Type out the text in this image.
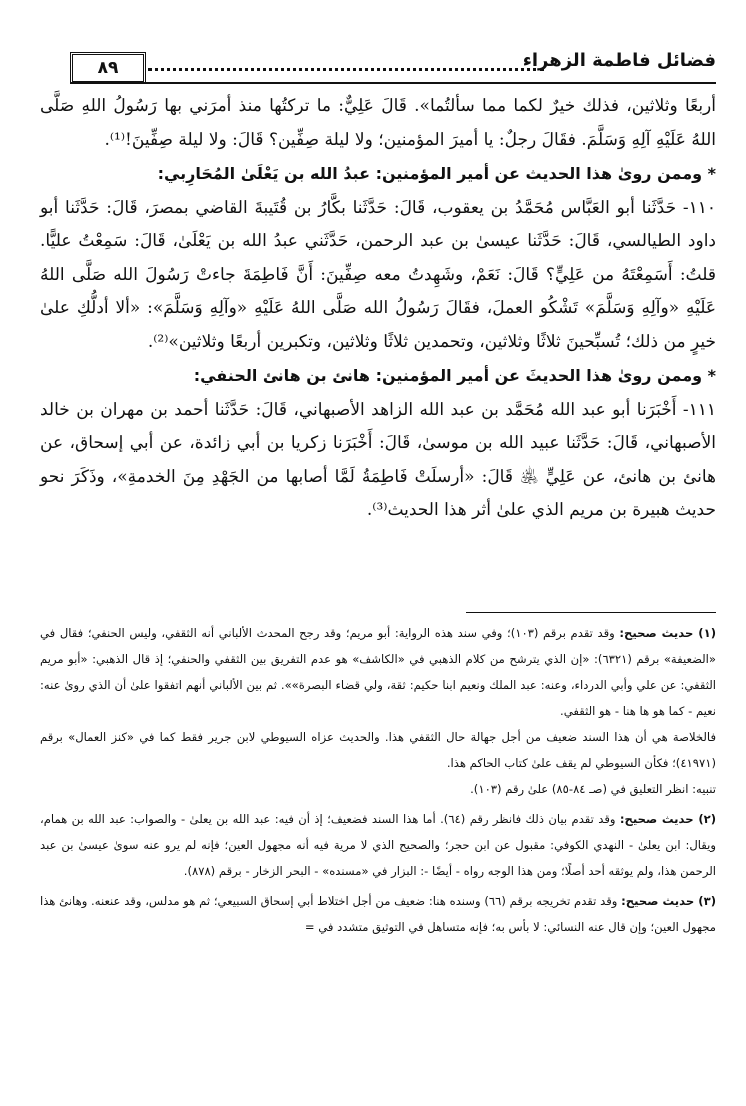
٨٩	فضائل فاطمة الزهراء

أربعًا وثلاثين، فذلك خيرٌ لكما مما سألتُما». قَالَ عَلِيٌّ: ما تركتُها منذ أمرَني بها رَسُولُ اللهِ صَلَّى اللهُ عَلَيْهِ آلِهِ وَسَلَّمَ. فقَالَ رجلٌ: يا أميرَ المؤمنين؛ ولا ليلة صِفِّين؟ قَالَ: ولا ليلة صِفِّينَ!⁽¹⁾.

* وممن روىٰ هذا الحديث عن أمير المؤمنين: عبدُ الله بن يَعْلَىٰ المُحَارِبي:

١١٠- حَدَّثَنا أبو العَبَّاس مُحَمَّدُ بن يعقوب، قَالَ: حَدَّثَنا بكَّارُ بن قُتَيبةَ القاضي بمصرَ، قَالَ: حَدَّثَنا أبو داود الطيالسي، قَالَ: حَدَّثَنا عيسىٰ بن عبد الرحمن، حَدَّثَني عبدُ الله بن يَعْلَىٰ، قَالَ: سَمِعْتُ عليًّا. قلتُ: أَسَمِعْتَهُ من عَلِيٍّ؟ قَالَ: نَعَمْ، وشَهِدتُ معه صِفِّينَ: أَنَّ فَاطِمَةَ جاءتْ رَسُولَ الله صَلَّى اللهُ عَلَيْهِ «وآلِهِ وَسَلَّمَ» تَشْكُو العملَ، فقَالَ رَسُولُ الله صَلَّى اللهُ عَلَيْهِ «وآلِهِ وَسَلَّمَ»: «ألا أدلُّكِ علىٰ خيرٍ من ذلك؛ تُسبِّحينَ ثلاثًا وثلاثين، وتحمدين ثلاثًا وثلاثين، وتكبرين أربعًا وثلاثين»⁽²⁾.

* وممن روىٰ هذا الحديثَ عن أمير المؤمنين: هانئ بن هانئ الحنفي:

١١١- أَخْبَرَنا أبو عبد الله مُحَمَّد بن عبد الله الزاهد الأصبهاني، قَالَ: حَدَّثَنا أحمد بن مهران بن خالد الأصبهاني، قَالَ: حَدَّثَنا عبيد الله بن موسىٰ، قَالَ: أَخْبَرَنا زكريا بن أبي زائدة، عن أبي إسحاق، عن هانئ بن هانئ، عن عَلِيٍّ ﵁ قَالَ: «أرسلَتْ فَاطِمَةُ لَمَّا أصابها من الجَهْدِ مِنَ الخدمةِ»، وذَكَرَ نحو حديث هبيرة بن مريم الذي علىٰ أثر هذا الحديث⁽³⁾.

(١) حديث صحيح: وقد تقدم برقم (١٠٣)؛ وفي سند هذه الرواية: أبو مريم؛ وقد رجح المحدث الألباني أنه الثقفي، وليس الحنفي؛ فقال في «الضعيفة» برقم (٦٣٢١): «إن الذي يترشح من كلام الذهبي في «الكاشف» هو عدم التفريق بين الثقفي والحنفي؛ إذ قال الذهبي: «أبو مريم الثقفي: عن علي وأبي الدرداء، وعنه: عبد الملك ونعيم ابنا حكيم: ثقة، ولي قضاء البصرة»». ثم بين الألباني أنهم اتفقوا علىٰ أن الذي روىٰ عنه: نعيم - كما هو ها هنا - هو الثقفي.

فالخلاصة هي أن هذا السند ضعيف من أجل جهالة حال الثقفي هذا. والحديث عزاه السيوطي لابن جرير فقط كما في «كنز العمال» برقم (٤١٩٧١)؛ فكأن السيوطي لم يقف علىٰ كتاب الحاكم هذا.

تنبيه: انظر التعليق في (صـ ٨٤-٨٥) علىٰ رقم (١٠٣).

(٢) حديث صحيح: وقد تقدم بيان ذلك فانظر رقم (٦٤). أما هذا السند فضعيف؛ إذ أن فيه: عبد الله بن يعلىٰ - والصواب: عبد الله بن همام، ويقال: ابن يعلىٰ - النهدي الكوفي: مقبول عن ابن حجر؛ والصحيح الذي لا مرية فيه أنه مجهول العين؛ فإنه لم يرو عنه سوىٰ عيسىٰ بن عبد الرحمن هذا، ولم يوثقه أحد أصلًا؛ ومن هذا الوجه رواه - أيضًا -: البزار في «مسنده» - البحر الزخار - برقم (٨٧٨).

(٣) حديث صحيح: وقد تقدم تخريجه برقم (٦٦) وسنده هنا: ضعيف من أجل اختلاط أبي إسحاق السبيعي؛ ثم هو مدلس، وقد عنعنه. وهانئ هذا مجهول العين؛ وإن قال عنه النسائي: لا بأس به؛ فإنه متساهل في التوثيق متشدد في =
